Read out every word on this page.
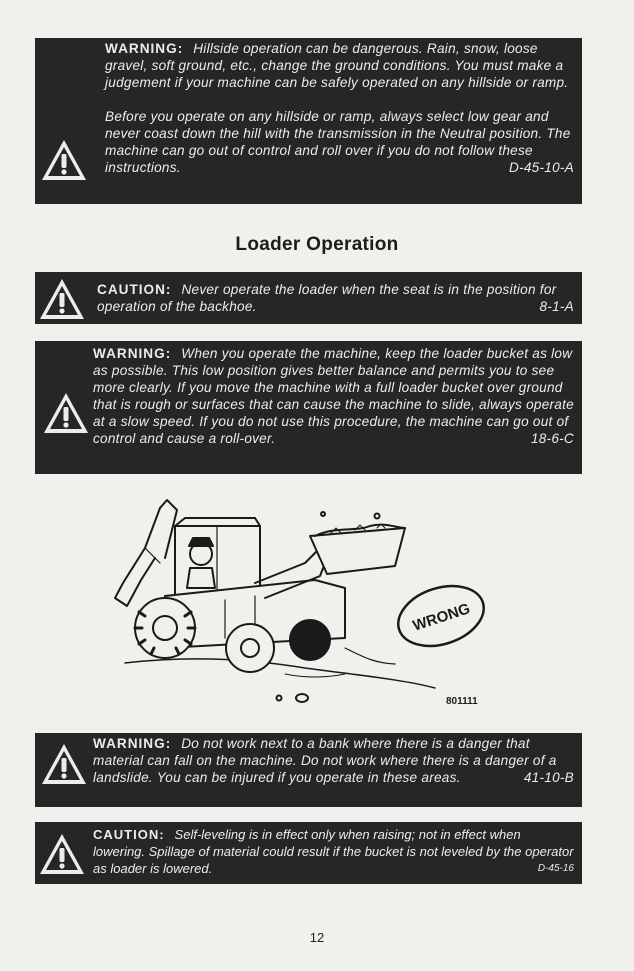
WARNING: Hillside operation can be dangerous. Rain, snow, loose gravel, soft ground, etc., change the ground conditions. You must make a judgement if your machine can be safely operated on any hillside or ramp.

Before you operate on any hillside or ramp, always select low gear and never coast down the hill with the transmission in the Neutral position. The machine can go out of control and roll over if you do not follow these instructions.	D-45-10-A

Loader Operation

CAUTION: Never operate the loader when the seat is in the position for operation of the backhoe.	8-1-A

WARNING: When you operate the machine, keep the loader bucket as low as possible. This low position gives better balance and permits you to see more clearly. If you move the machine with a full loader bucket over ground that is rough or surfaces that can cause the machine to slide, always operate at a slow speed. If you do not use this procedure, the machine can go out of control and cause a roll-over.	18-6-C

WRONG
801111

WARNING: Do not work next to a bank where there is a danger that material can fall on the machine. Do not work where there is a danger of a landslide. You can be injured if you operate in these areas.	41-10-B

CAUTION: Self-leveling is in effect only when raising; not in effect when lowering. Spillage of material could result if the bucket is not leveled by the operator as loader is lowered.	D-45-16

12
